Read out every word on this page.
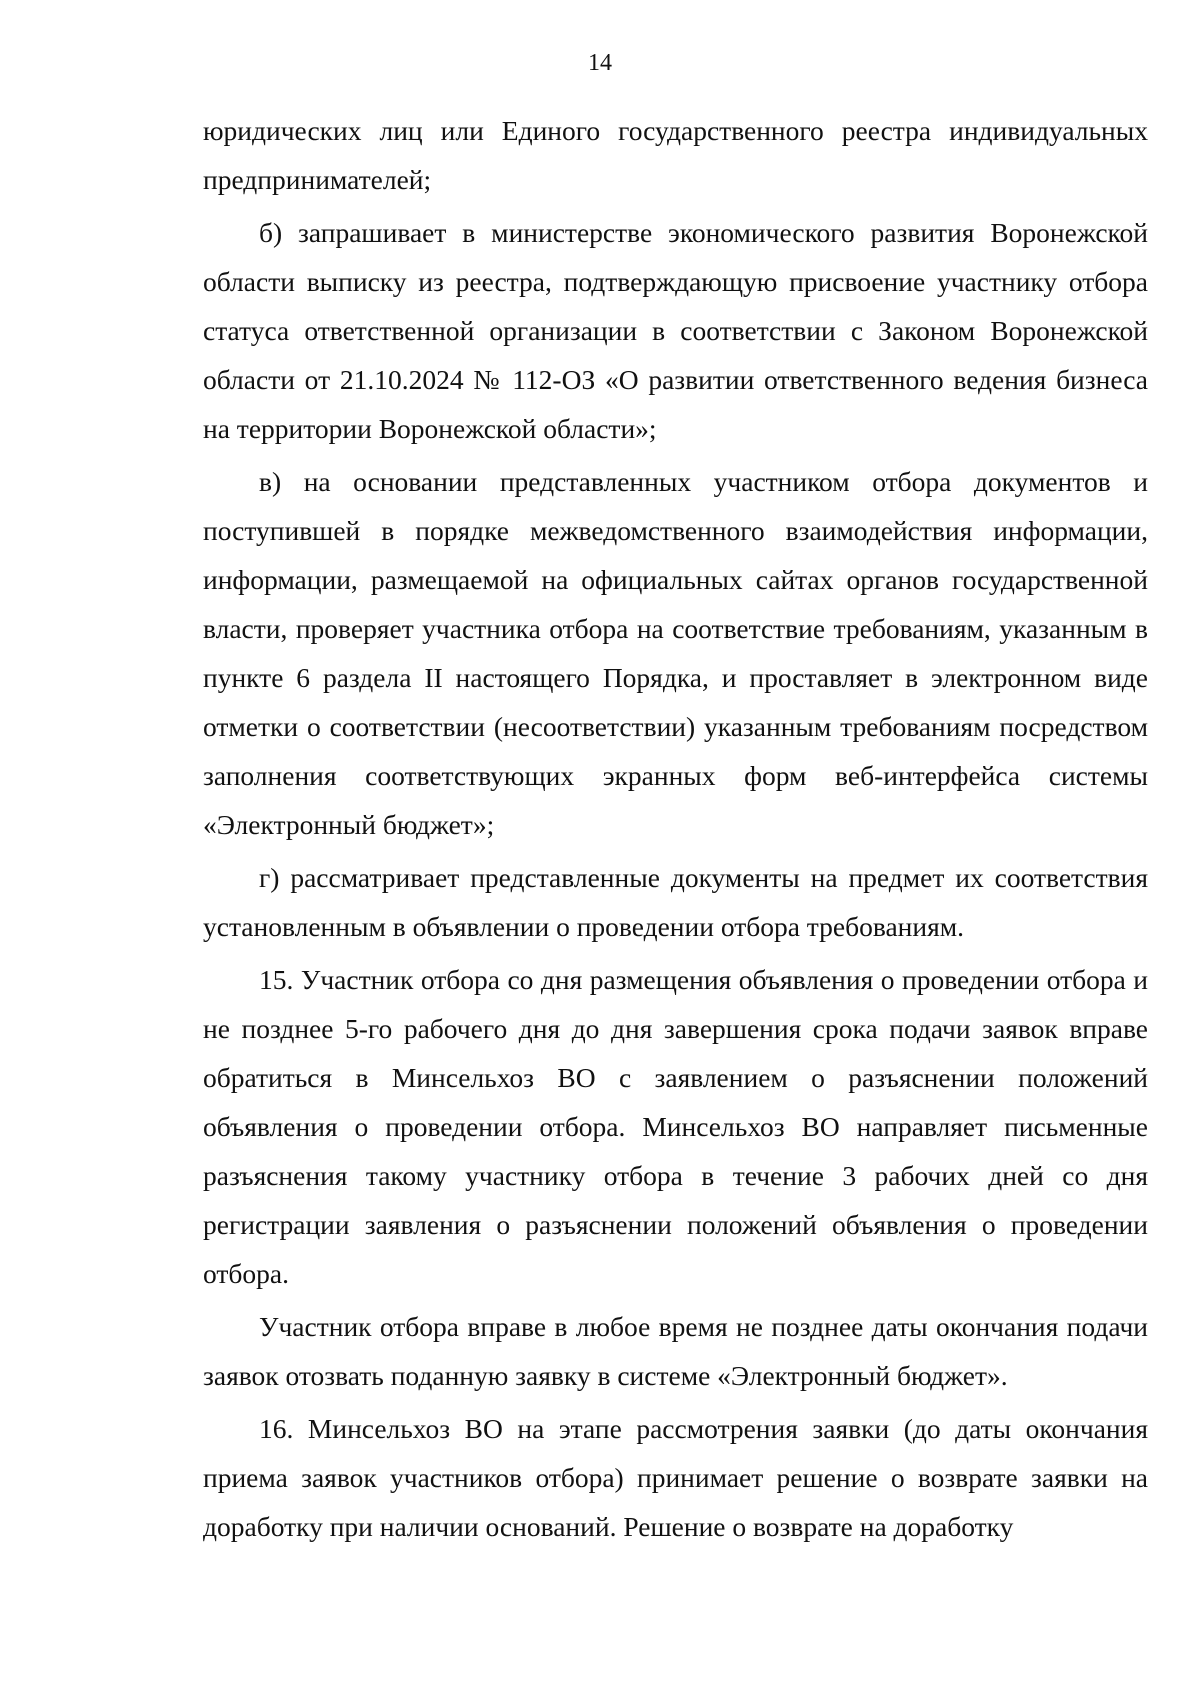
14

юридических лиц или Единого государственного реестра индивидуальных предпринимателей;

б) запрашивает в министерстве экономического развития Воронежской области выписку из реестра, подтверждающую присвоение участнику отбора статуса ответственной организации в соответствии с Законом Воронежской области от 21.10.2024 № 112-ОЗ «О развитии ответственного ведения бизнеса на территории Воронежской области»;

в) на основании представленных участником отбора документов и поступившей в порядке межведомственного взаимодействия информации, информации, размещаемой на официальных сайтах органов государственной власти, проверяет участника отбора на соответствие требованиям, указанным в пункте 6 раздела II настоящего Порядка, и проставляет в электронном виде отметки о соответствии (несоответствии) указанным требованиям посредством заполнения соответствующих экранных форм веб-интерфейса системы «Электронный бюджет»;

г) рассматривает представленные документы на предмет их соответствия установленным в объявлении о проведении отбора требованиям.

15. Участник отбора со дня размещения объявления о проведении отбора и не позднее 5-го рабочего дня до дня завершения срока подачи заявок вправе обратиться в Минсельхоз ВО с заявлением о разъяснении положений объявления о проведении отбора. Минсельхоз ВО направляет письменные разъяснения такому участнику отбора в течение 3 рабочих дней со дня регистрации заявления о разъяснении положений объявления о проведении отбора.

Участник отбора вправе в любое время не позднее даты окончания подачи заявок отозвать поданную заявку в системе «Электронный бюджет».

16. Минсельхоз ВО на этапе рассмотрения заявки (до даты окончания приема заявок участников отбора) принимает решение о возврате заявки на доработку при наличии оснований. Решение о возврате на доработку
